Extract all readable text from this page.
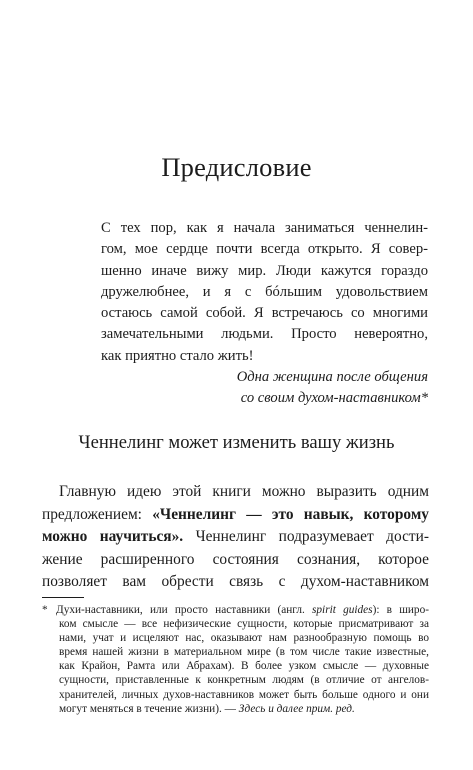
Предисловие
С тех пор, как я начала заниматься ченнелин-
гом, мое сердце почти всегда открыто. Я совер-
шенно иначе вижу мир. Люди кажутся гораздо
дружелюбнее, и я с бóльшим удовольствием
остаюсь самой собой. Я встречаюсь со многими
замечательными людьми. Просто невероятно,
как приятно стало жить!
Одна женщина после общения
со своим духом-наставником*
Ченнелинг может изменить вашу жизнь
Главную идею этой книги можно выразить одним
предложением: «Ченнелинг — это навык, которому
можно научиться». Ченнелинг подразумевает дости-
жение расширенного состояния сознания, которое
позволяет вам обрести связь с духом-наставником
* Духи-наставники, или просто наставники (англ. spirit guides): в широ-
ком смысле — все нефизические сущности, которые присматривают за
нами, учат и исцеляют нас, оказывают нам разнообразную помощь во
время нашей жизни в материальном мире (в том числе такие известные,
как Крайон, Рамта или Абрахам). В более узком смысле — духовные
сущности, приставленные к конкретным людям (в отличие от ангелов-
хранителей, личных духов-наставников может быть больше одного и они
могут меняться в течение жизни). — Здесь и далее прим. ред.
